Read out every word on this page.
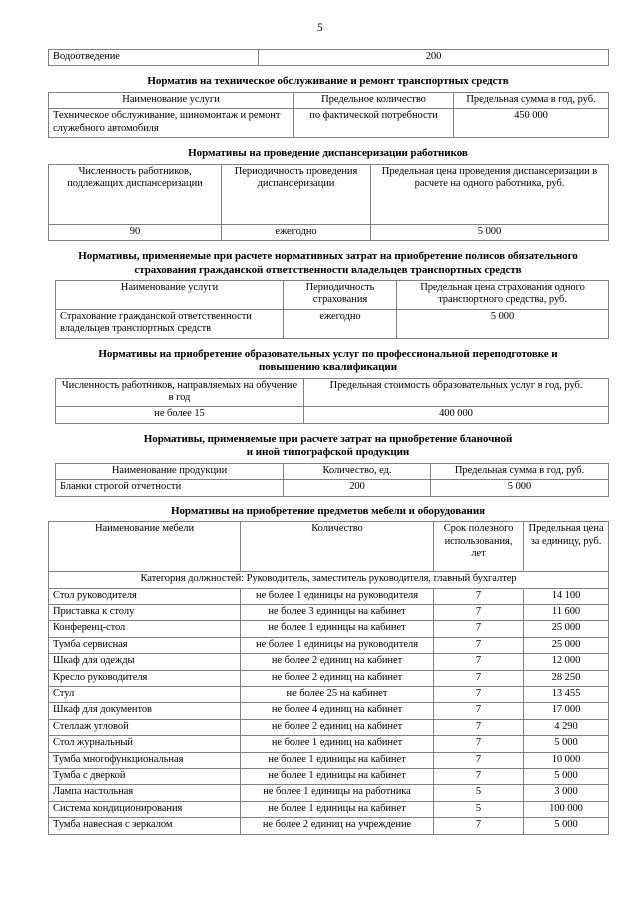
5
Водоотведение	200
Норматив на техническое обслуживание и ремонт транспортных средств
Наименование услуги	Предельное количество	Предельная сумма в год, руб.
Техническое обслуживание, шиномонтаж и ремонт служебного автомобиля	по фактической потребности	450 000
Нормативы на проведение диспансеризации работников
Численность работников, подлежащих диспансеризации	Периодичность проведения диспансеризации	Предельная цена проведения диспансеризации в расчете на одного работника, руб.
90	ежегодно	5 000
Нормативы, применяемые при расчете нормативных затрат на приобретение полисов обязательного
страхования гражданской ответственности владельцев транспортных средств
Наименование услуги	Периодичность страхования	Предельная цена страхования одного транспортного средства, руб.
Страхование гражданской ответственности владельцев транспортных средств	ежегодно	5 000
Нормативы на приобретение образовательных услуг по профессиональной переподготовке и
повышению квалификации
Численность работников, направляемых на обучение в год	Предельная стоимость образовательных услуг в год, руб.
не более 15	400 000
Нормативы, применяемые при расчете затрат на приобретение бланочной
и иной типографской продукции
Наименование продукции	Количество, ед.	Предельная сумма в год, руб.
Бланки строгой отчетности	200	5 000
Нормативы на приобретение предметов мебели и оборудования
Наименование мебели	Количество	Срок полезного использования, лет	Предельная цена за единицу, руб.
Категория должностей: Руководитель, заместитель руководителя, главный бухгалтер			
Стол руководителя	не более 1 единицы на руководителя	7	14 100
Приставка к столу	не более 3 единицы на кабинет	7	11 600
Конференц-стол	не более 1 единицы на кабинет	7	25 000
Тумба сервисная	не более 1 единицы на руководителя	7	25 000
Шкаф для одежды	не более 2 единиц на кабинет	7	12 000
Кресло руководителя	не более 2 единиц на кабинет	7	28 250
Стул	не более 25 на кабинет	7	13 455
Шкаф для документов	не более 4 единиц на кабинет	7	17 000
Стеллаж угловой	не более 2 единиц на кабинет	7	4 290
Стол журнальный	не более 1 единиц на кабинет	7	5 000
Тумба многофункциональная	не более 1 единицы на кабинет	7	10 000
Тумба с дверкой	не более 1 единицы на кабинет	7	5 000
Лампа настольная	не более 1 единицы на работника	5	3 000
Система кондиционирования	не более 1 единицы на кабинет	5	100 000
Тумба навесная с зеркалом	не более 2 единиц на учреждение	7	5 000
